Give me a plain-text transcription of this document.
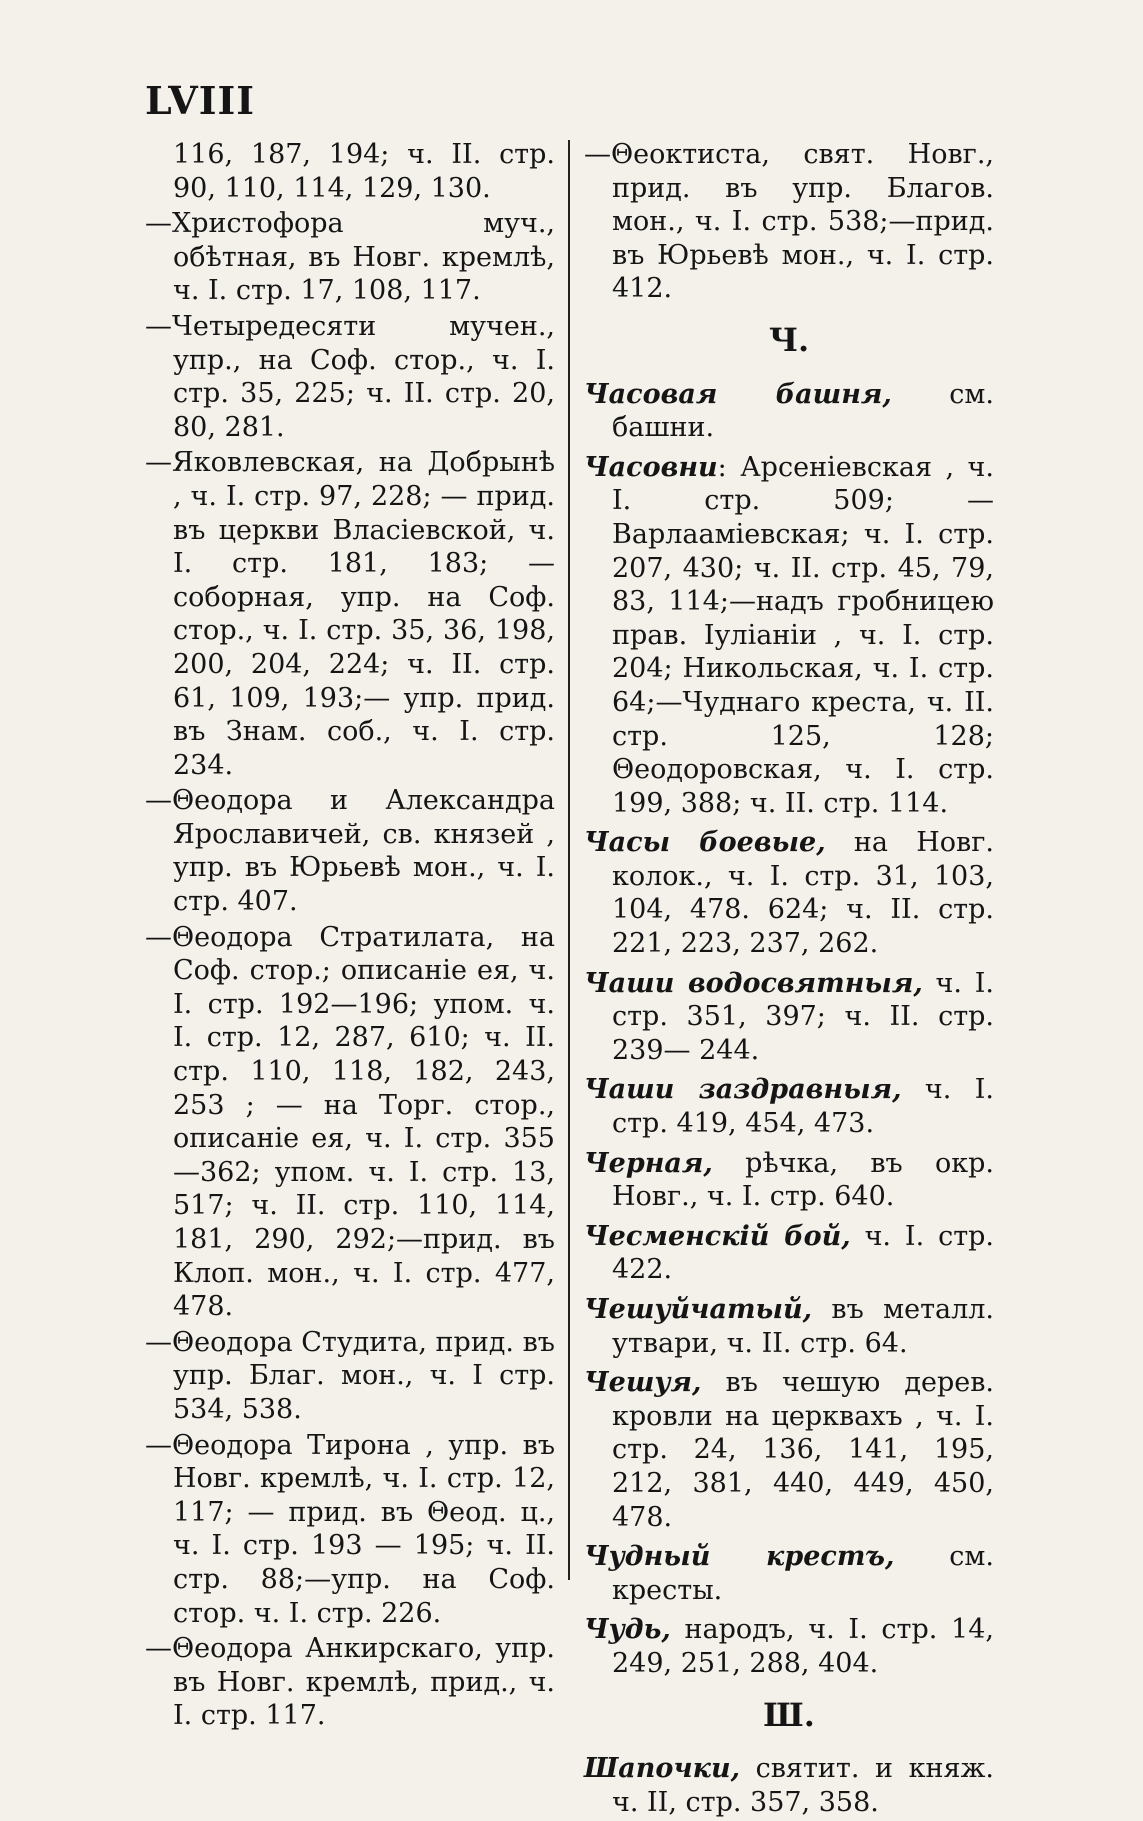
LVIII
116, 187, 194; ч. II. стр. 90, 110, 114, 129, 130.
—Христофора муч., обѣтная, въ Новг. кремлѣ, ч. I. стр. 17, 108, 117.
—Четыредесяти мучен., упр., на Соф. стор., ч. I. стр. 35, 225; ч. II. стр. 20, 80, 281.
—Яковлевская, на Добрынѣ , ч. I. стр. 97, 228; — прид. въ церкви Власіевской, ч. I. стр. 181, 183; — соборная, упр. на Соф. стор., ч. I. стр. 35, 36, 198, 200, 204, 224; ч. II. стр. 61, 109, 193;— упр. прид. въ Знам. соб., ч. I. стр. 234.
—Θеодора и Александра Ярославичей, св. князей , упр. въ Юрьевѣ мон., ч. I. стр. 407.
—Θеодора Стратилата, на Соф. стор.; описаніе ея, ч. I. стр. 192—196; упом. ч. I. стр. 12, 287, 610; ч. II. стр. 110, 118, 182, 243, 253 ; — на Торг. стор., описаніе ея, ч. I. стр. 355—362; упом. ч. I. стр. 13, 517; ч. II. стр. 110, 114, 181, 290, 292;—прид. въ Клоп. мон., ч. I. стр. 477, 478.
—Θеодора Студита, прид. въ упр. Благ. мон., ч. I стр. 534, 538.
—Θеодора Тирона , упр. въ Новг. кремлѣ, ч. I. стр. 12, 117; — прид. въ Θеод. ц., ч. I. стр. 193 — 195; ч. II. стр. 88;—упр. на Соф. стор. ч. I. стр. 226.
—Θеодора Анкирскаго, упр. въ Новг. кремлѣ, прид., ч. I. стр. 117.
—Θеоктиста, свят. Новг., прид. въ упр. Благов. мон., ч. I. стр. 538;—прид. въ Юрьевѣ мон., ч. I. стр. 412.
Ч.
Часовая башня, см. башни.
Часовни: Арсеніевская , ч. I. стр. 509; — Варлааміевская; ч. I. стр. 207, 430; ч. II. стр. 45, 79, 83, 114;—надъ гробницею прав. Іуліаніи , ч. I. стр. 204; Никольская, ч. I. стр. 64;—Чуднаго креста, ч. II. стр. 125, 128; Θеодоровская, ч. I. стр. 199, 388; ч. II. стр. 114.
Часы боевые, на Новг. колок., ч. I. стр. 31, 103, 104, 478. 624; ч. II. стр. 221, 223, 237, 262.
Чаши водосвятныя, ч. I. стр. 351, 397; ч. II. стр. 239— 244.
Чаши заздравныя, ч. I. стр. 419, 454, 473.
Черная, рѣчка, въ окр. Новг., ч. I. стр. 640.
Чесменскій бой, ч. I. стр. 422.
Чешуйчатый, въ металл. утвари, ч. II. стр. 64.
Чешуя, въ чешую дерев. кровли на церквахъ , ч. I. стр. 24, 136, 141, 195, 212, 381, 440, 449, 450, 478.
Чудный крестъ, см. кресты.
Чудь, народъ, ч. I. стр. 14, 249, 251, 288, 404.
Ш.
Шапочки, святит. и княж. ч. II, стр. 357, 358.
